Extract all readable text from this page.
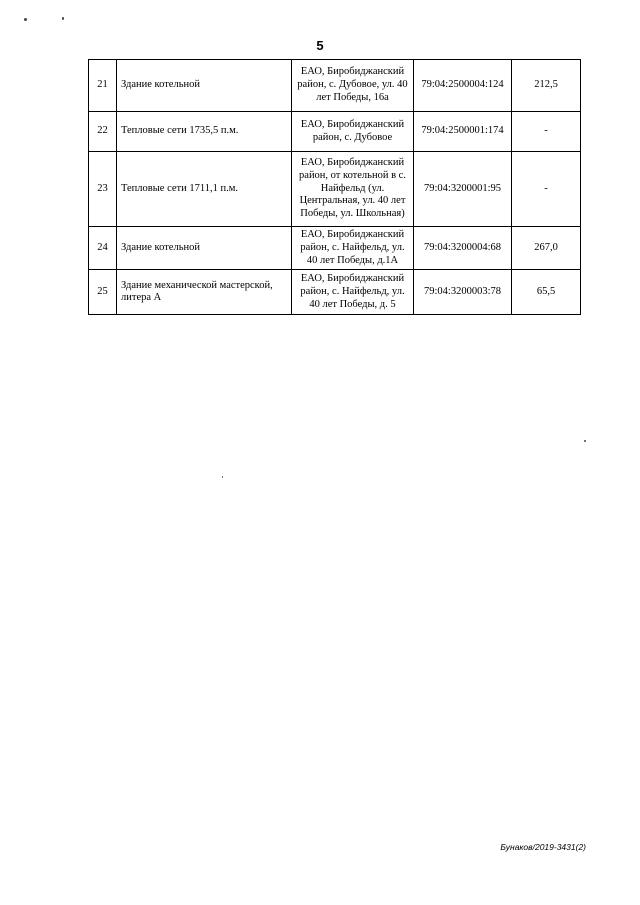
5
21	Здание котельной	ЕАО, Биробиджанский район, с. Дубовое, ул. 40 лет Победы, 16а	79:04:2500004:124	212,5
22	Тепловые сети 1735,5 п.м.	ЕАО, Биробиджанский район, с. Дубовое	79:04:2500001:174	-
23	Тепловые сети 1711,1 п.м.	ЕАО, Биробиджанский район, от котельной в с. Найфельд (ул. Центральная, ул. 40 лет Победы, ул. Школьная)	79:04:3200001:95	-
24	Здание котельной	ЕАО, Биробиджанский район, с. Найфельд, ул. 40 лет Победы, д.1А	79:04:3200004:68	267,0
25	Здание механической мастерской, литера А	ЕАО, Биробиджанский район, с. Найфельд, ул. 40 лет Победы, д. 5	79:04:3200003:78	65,5
Бунаков/2019-3431(2)
